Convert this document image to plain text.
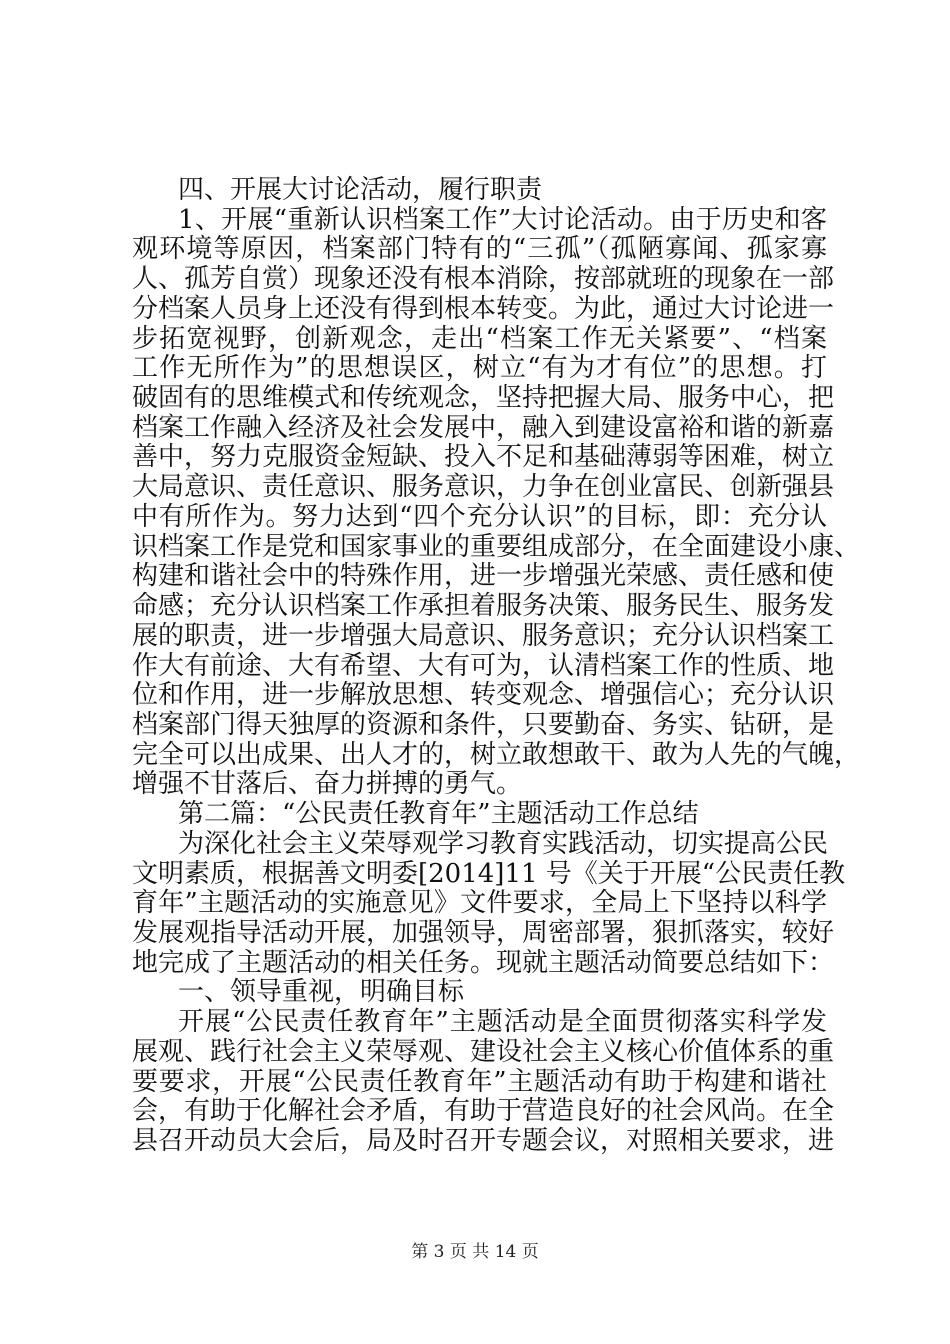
四、开展大讨论活动，履行职责
1、开展“重新认识档案工作”大讨论活动。由于历史和客
观环境等原因，档案部门特有的“三孤”（孤陋寡闻、孤家寡
人、孤芳自赏）现象还没有根本消除，按部就班的现象在一部
分档案人员身上还没有得到根本转变。为此，通过大讨论进一
步拓宽视野，创新观念，走出“档案工作无关紧要”、“档案
工作无所作为”的思想误区，树立“有为才有位”的思想。打
破固有的思维模式和传统观念，坚持把握大局、服务中心，把
档案工作融入经济及社会发展中，融入到建设富裕和谐的新嘉
善中，努力克服资金短缺、投入不足和基础薄弱等困难，树立
大局意识、责任意识、服务意识，力争在创业富民、创新强县
中有所作为。努力达到“四个充分认识”的目标，即：充分认
识档案工作是党和国家事业的重要组成部分，在全面建设小康、
构建和谐社会中的特殊作用，进一步增强光荣感、责任感和使
命感；充分认识档案工作承担着服务决策、服务民生、服务发
展的职责，进一步增强大局意识、服务意识；充分认识档案工
作大有前途、大有希望、大有可为，认清档案工作的性质、地
位和作用，进一步解放思想、转变观念、增强信心；充分认识
档案部门得天独厚的资源和条件，只要勤奋、务实、钻研，是
完全可以出成果、出人才的，树立敢想敢干、敢为人先的气魄，
增强不甘落后、奋力拼搏的勇气。
第二篇：“公民责任教育年”主题活动工作总结
为深化社会主义荣辱观学习教育实践活动，切实提高公民
文明素质，根据善文明委[2014]11 号《关于开展“公民责任教
育年”主题活动的实施意见》文件要求，全局上下坚持以科学
发展观指导活动开展，加强领导，周密部署，狠抓落实，较好
地完成了主题活动的相关任务。现就主题活动简要总结如下：
一、领导重视，明确目标
开展“公民责任教育年”主题活动是全面贯彻落实科学发
展观、践行社会主义荣辱观、建设社会主义核心价值体系的重
要要求，开展“公民责任教育年”主题活动有助于构建和谐社
会，有助于化解社会矛盾，有助于营造良好的社会风尚。在全
县召开动员大会后，局及时召开专题会议，对照相关要求，进
第 3 页 共 14 页
